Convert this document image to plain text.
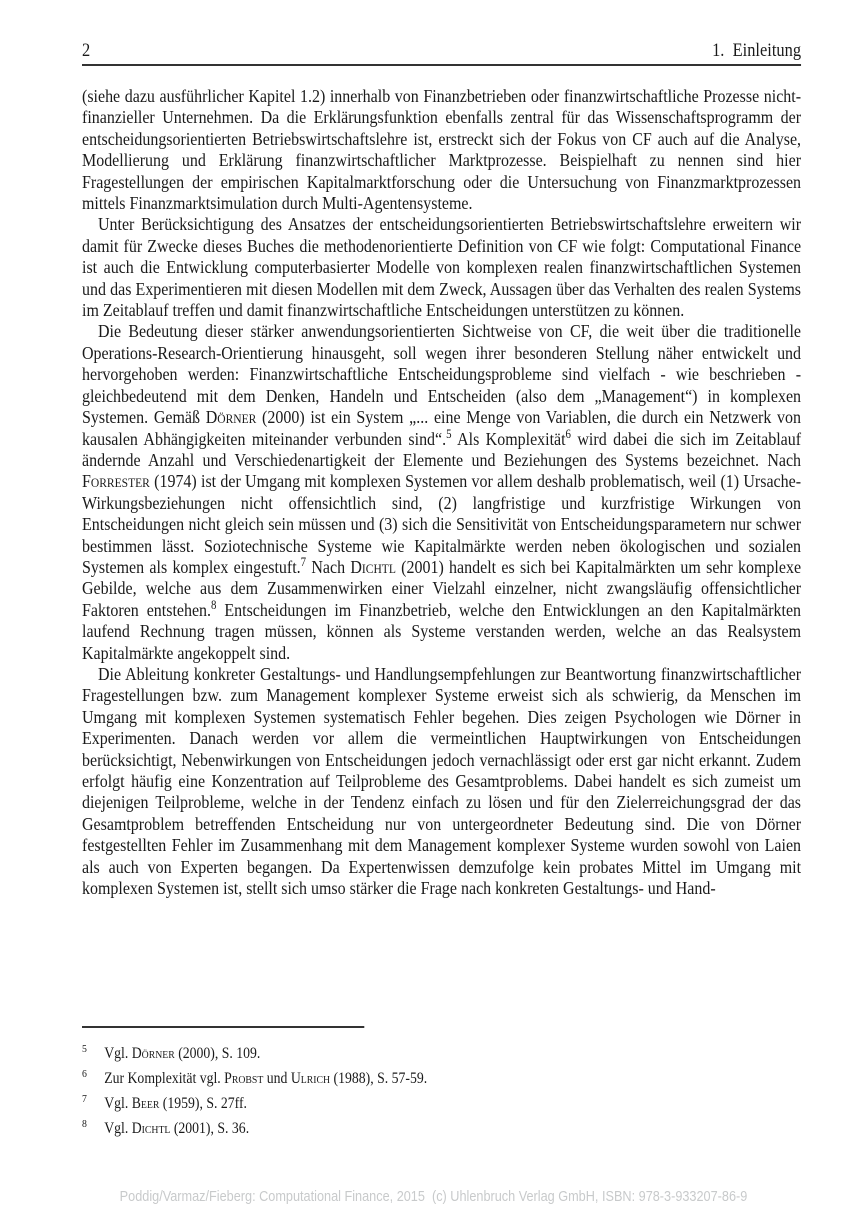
2	1.  Einleitung

(siehe dazu ausführlicher Kapitel 1.2) innerhalb von Finanzbetrieben oder finanzwirtschaftliche Prozesse nicht-finanzieller Unternehmen. Da die Erklärungsfunktion ebenfalls zentral für das Wissenschaftsprogramm der entscheidungsorientierten Betriebswirtschaftslehre ist, erstreckt sich der Fokus von CF auch auf die Analyse, Modellierung und Erklärung finanzwirtschaftlicher Marktprozesse. Beispielhaft zu nennen sind hier Fragestellungen der empirischen Kapitalmarktforschung oder die Untersuchung von Finanzmarktprozessen mittels Finanzmarktsimulation durch Multi-Agentensysteme.

Unter Berücksichtigung des Ansatzes der entscheidungsorientierten Betriebswirtschaftslehre erweitern wir damit für Zwecke dieses Buches die methodenorientierte Definition von CF wie folgt: Computational Finance ist auch die Entwicklung computerbasierter Modelle von komplexen realen finanzwirtschaftlichen Systemen und das Experimentieren mit diesen Modellen mit dem Zweck, Aussagen über das Verhalten des realen Systems im Zeitablauf treffen und damit finanzwirtschaftliche Entscheidungen unterstützen zu können.

Die Bedeutung dieser stärker anwendungsorientierten Sichtweise von CF, die weit über die traditionelle Operations-Research-Orientierung hinausgeht, soll wegen ihrer besonderen Stellung näher entwickelt und hervorgehoben werden: Finanzwirtschaftliche Entscheidungsprobleme sind vielfach - wie beschrieben - gleichbedeutend mit dem Denken, Handeln und Entscheiden (also dem „Management“) in komplexen Systemen. Gemäß Dörner (2000) ist ein System „... eine Menge von Variablen, die durch ein Netzwerk von kausalen Abhängigkeiten miteinander verbunden sind“.$^5$ Als Komplexität$^6$ wird dabei die sich im Zeitablauf ändernde Anzahl und Verschiedenartigkeit der Elemente und Beziehungen des Systems bezeichnet. Nach Forrester (1974) ist der Umgang mit komplexen Systemen vor allem deshalb problematisch, weil (1) Ursache-Wirkungsbeziehungen nicht offensichtlich sind, (2) langfristige und kurzfristige Wirkungen von Entscheidungen nicht gleich sein müssen und (3) sich die Sensitivität von Entscheidungsparametern nur schwer bestimmen lässt. Soziotechnische Systeme wie Kapitalmärkte werden neben ökologischen und sozialen Systemen als komplex eingestuft.$^7$ Nach Dichtl (2001) handelt es sich bei Kapitalmärkten um sehr komplexe Gebilde, welche aus dem Zusammenwirken einer Vielzahl einzelner, nicht zwangsläufig offensichtlicher Faktoren entstehen.$^8$ Entscheidungen im Finanzbetrieb, welche den Entwicklungen an den Kapitalmärkten laufend Rechnung tragen müssen, können als Systeme verstanden werden, welche an das Realsystem Kapitalmärkte angekoppelt sind.

Die Ableitung konkreter Gestaltungs- und Handlungsempfehlungen zur Beantwortung finanzwirtschaftlicher Fragestellungen bzw. zum Management komplexer Systeme erweist sich als schwierig, da Menschen im Umgang mit komplexen Systemen systematisch Fehler begehen. Dies zeigen Psychologen wie Dörner in Experimenten. Danach werden vor allem die vermeintlichen Hauptwirkungen von Entscheidungen berücksichtigt, Nebenwirkungen von Entscheidungen jedoch vernachlässigt oder erst gar nicht erkannt. Zudem erfolgt häufig eine Konzentration auf Teilprobleme des Gesamtproblems. Dabei handelt es sich zumeist um diejenigen Teilprobleme, welche in der Tendenz einfach zu lösen und für den Zielerreichungsgrad der das Gesamtproblem betreffenden Entscheidung nur von untergeordneter Bedeutung sind. Die von Dörner festgestellten Fehler im Zusammenhang mit dem Management komplexer Systeme wurden sowohl von Laien als auch von Experten begangen. Da Expertenwissen demzufolge kein probates Mittel im Umgang mit komplexen Systemen ist, stellt sich umso stärker die Frage nach konkreten Gestaltungs- und Hand-

$^5$ Vgl. Dörner (2000), S. 109.
$^6$ Zur Komplexität vgl. Probst und Ulrich (1988), S. 57-59.
$^7$ Vgl. Beer (1959), S. 27ff.
$^8$ Vgl. Dichtl (2001), S. 36.
Poddig/Varmaz/Fieberg: Computational Finance, 2015  (c) Uhlenbruch Verlag GmbH, ISBN: 978-3-933207-86-9
